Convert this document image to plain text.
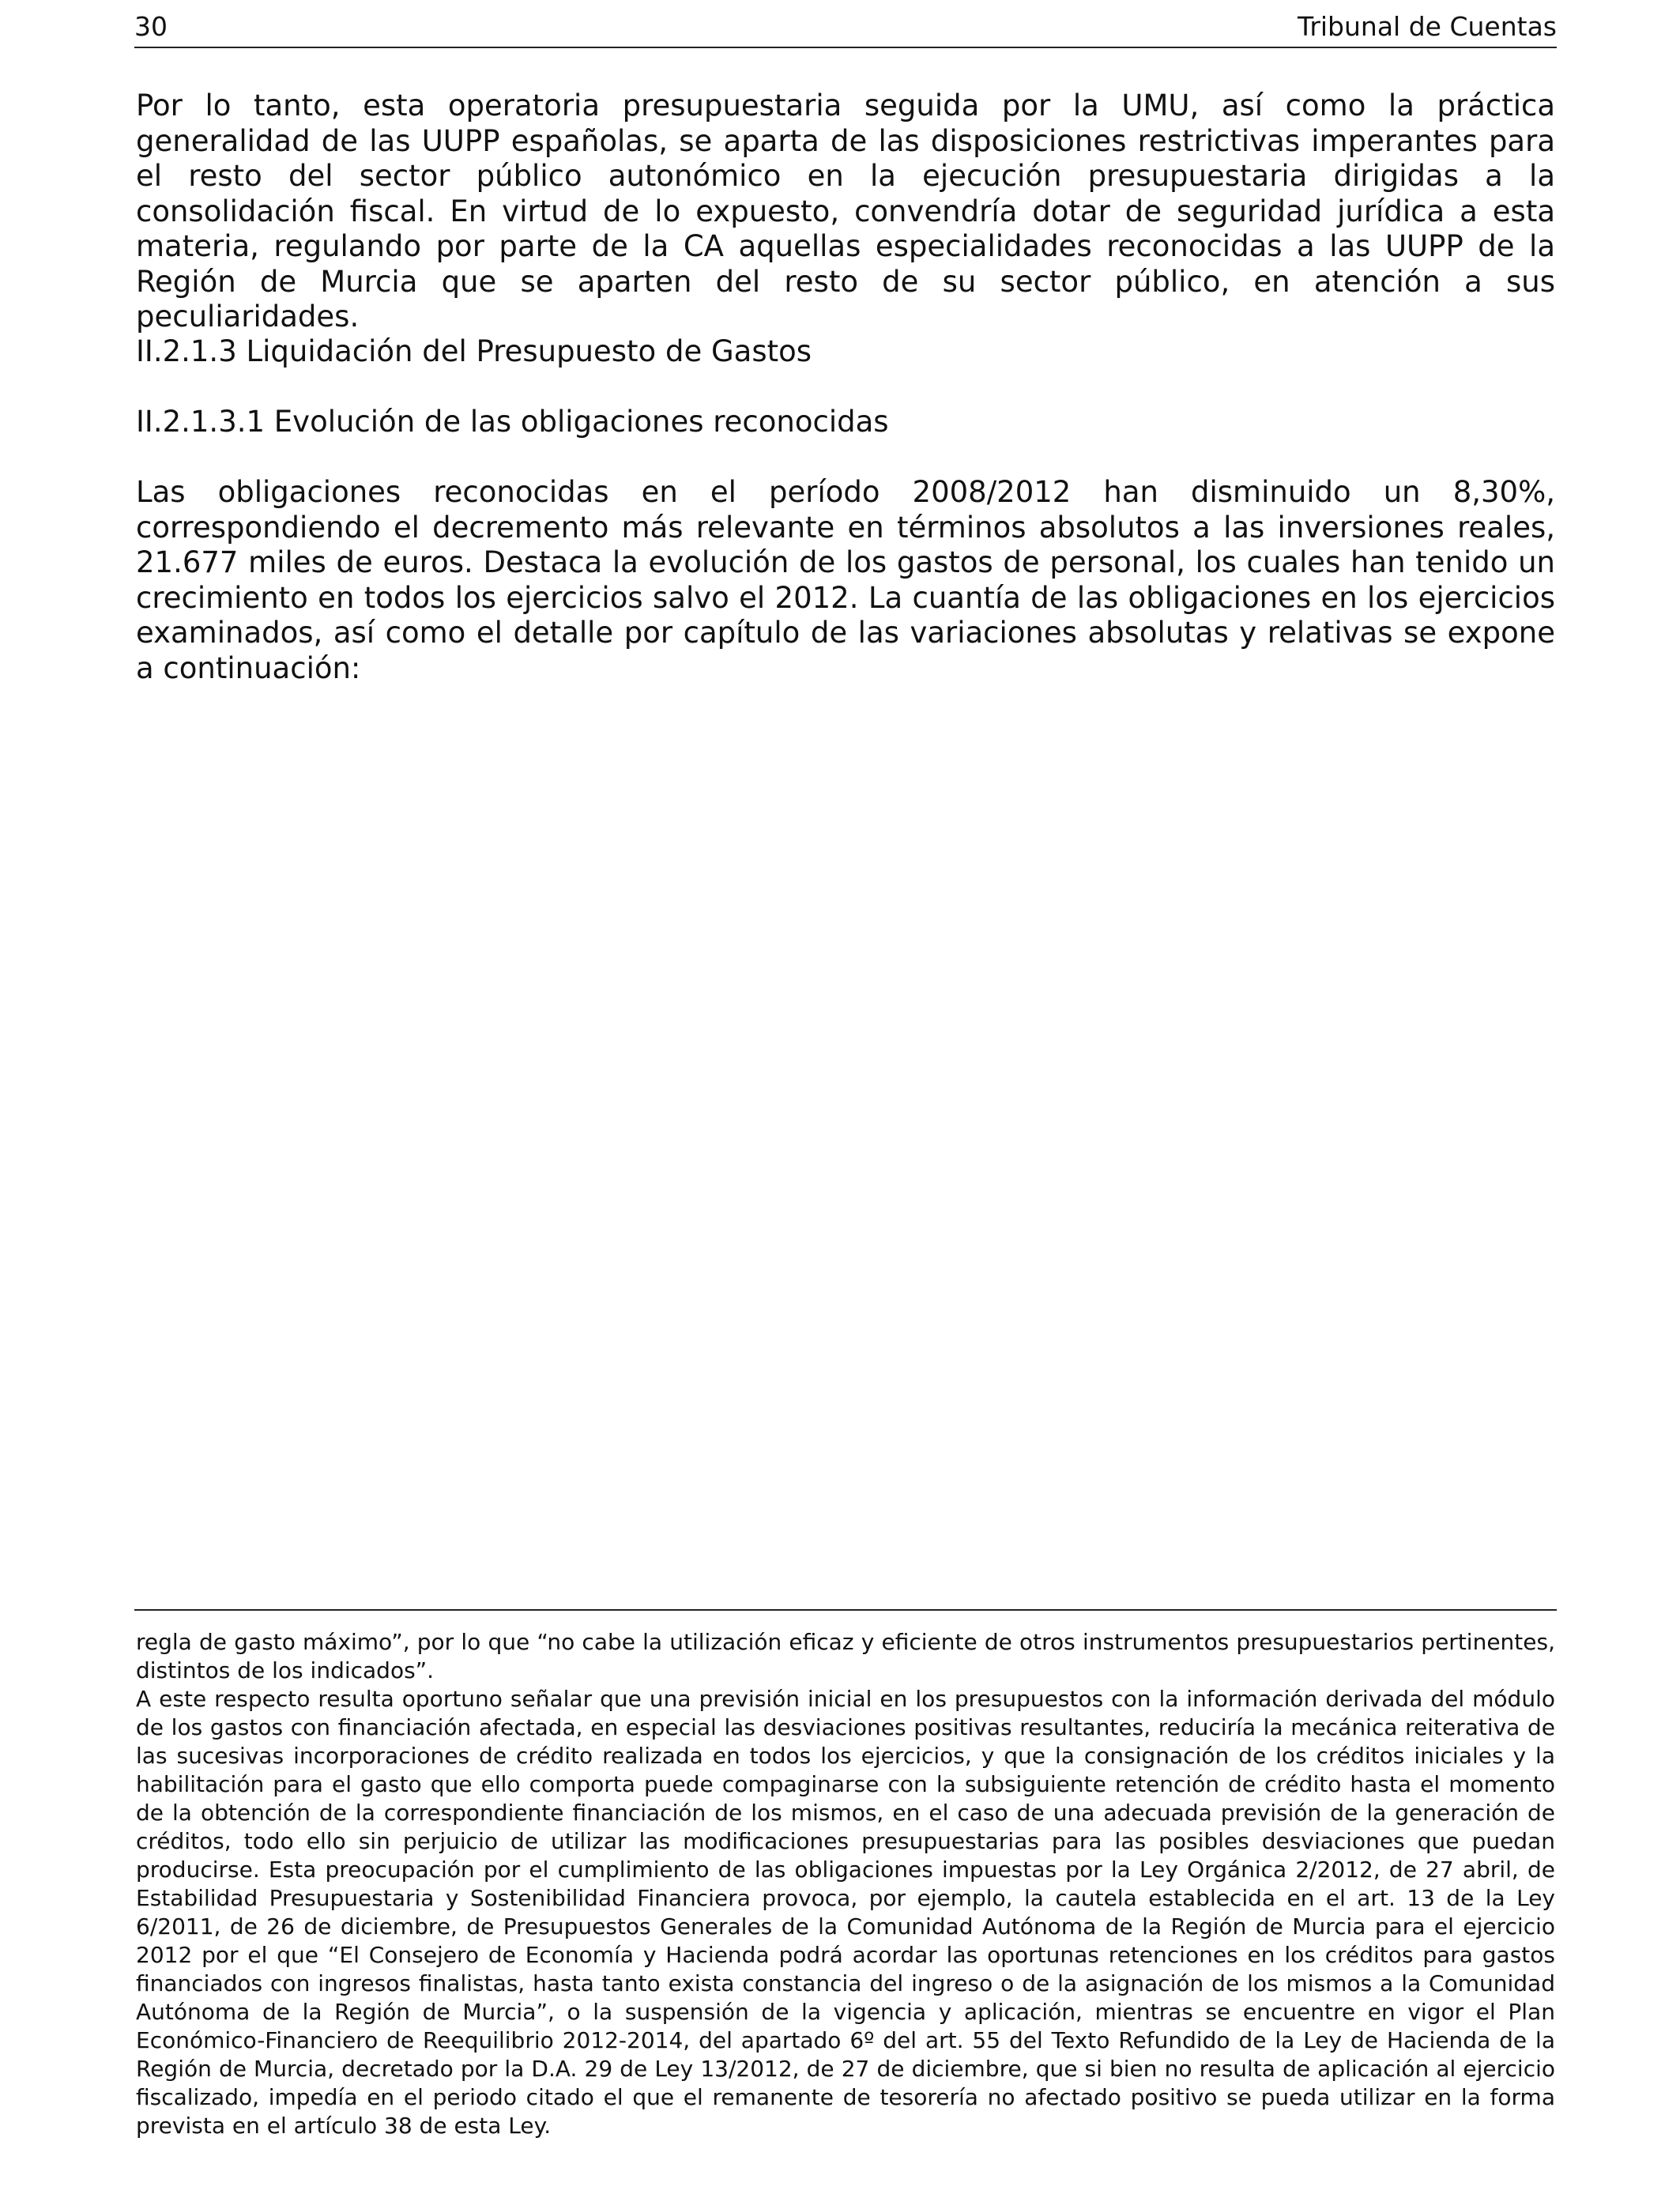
30	Tribunal de Cuentas

Por lo tanto, esta operatoria presupuestaria seguida por la UMU, así como la práctica generalidad de las UUPP españolas, se aparta de las disposiciones restrictivas imperantes para el resto del sector público autonómico en la ejecución presupuestaria dirigidas a la consolidación fiscal. En virtud de lo expuesto, convendría dotar de seguridad jurídica a esta materia, regulando por parte de la CA aquellas especialidades reconocidas a las UUPP de la Región de Murcia que se aparten del resto de su sector público, en atención a sus peculiaridades.

II.2.1.3 Liquidación del Presupuesto de Gastos

II.2.1.3.1 Evolución de las obligaciones reconocidas

Las obligaciones reconocidas en el período 2008/2012 han disminuido un 8,30%, correspondiendo el decremento más relevante en términos absolutos a las inversiones reales, 21.677 miles de euros. Destaca la evolución de los gastos de personal, los cuales han tenido un crecimiento en todos los ejercicios salvo el 2012. La cuantía de las obligaciones en los ejercicios examinados, así como el detalle por capítulo de las variaciones absolutas y relativas se expone a continuación:

regla de gasto máximo”, por lo que “no cabe la utilización eficaz y eficiente de otros instrumentos presupuestarios pertinentes, distintos de los indicados”.

A este respecto resulta oportuno señalar que una previsión inicial en los presupuestos con la información derivada del módulo de los gastos con financiación afectada, en especial las desviaciones positivas resultantes, reduciría la mecánica reiterativa de las sucesivas incorporaciones de crédito realizada en todos los ejercicios, y que la consignación de los créditos iniciales y la habilitación para el gasto que ello comporta puede compaginarse con la subsiguiente retención de crédito hasta el momento de la obtención de la correspondiente financiación de los mismos, en el caso de una adecuada previsión de la generación de créditos, todo ello sin perjuicio de utilizar las modificaciones presupuestarias para las posibles desviaciones que puedan producirse. Esta preocupación por el cumplimiento de las obligaciones impuestas por la Ley Orgánica 2/2012, de 27 abril, de Estabilidad Presupuestaria y Sostenibilidad Financiera provoca, por ejemplo, la cautela establecida en el art. 13 de la Ley 6/2011, de 26 de diciembre, de Presupuestos Generales de la Comunidad Autónoma de la Región de Murcia para el ejercicio 2012 por el que “El Consejero de Economía y Hacienda podrá acordar las oportunas retenciones en los créditos para gastos financiados con ingresos finalistas, hasta tanto exista constancia del ingreso o de la asignación de los mismos a la Comunidad Autónoma de la Región de Murcia”, o la suspensión de la vigencia y aplicación, mientras se encuentre en vigor el Plan Económico-Financiero de Reequilibrio 2012-2014, del apartado 6º del art. 55 del Texto Refundido de la Ley de Hacienda de la Región de Murcia, decretado por la D.A. 29 de Ley 13/2012, de 27 de diciembre, que si bien no resulta de aplicación al ejercicio fiscalizado, impedía en el periodo citado el que el remanente de tesorería no afectado positivo se pueda utilizar en la forma prevista en el artículo 38 de esta Ley.
